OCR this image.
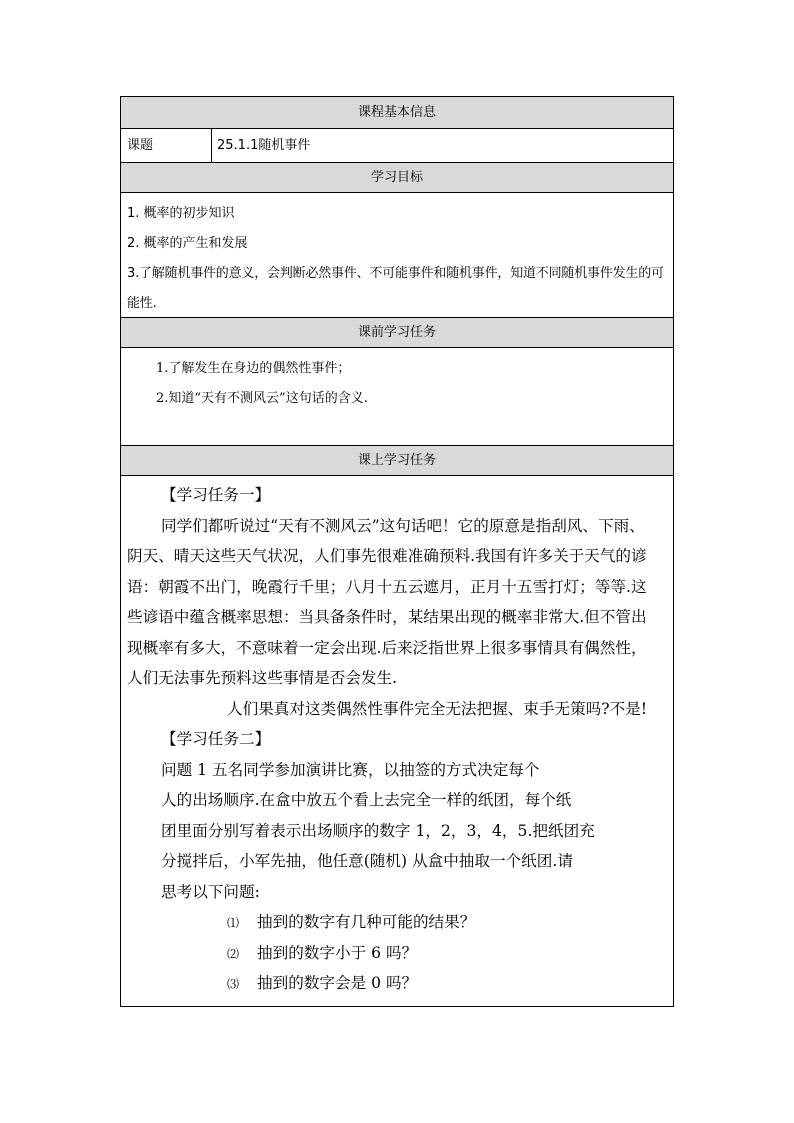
课程基本信息
课题	25.1.1随机事件
学习目标
1. 概率的初步知识
2. 概率的产生和发展
3.了解随机事件的意义，会判断必然事件、不可能事件和随机事件，知道不同随机事件发生的可能性.
课前学习任务
1.了解发生在身边的偶然性事件；
2.知道“天有不测风云”这句话的含义.
课上学习任务
【学习任务一】
同学们都听说过“天有不测风云”这句话吧！它的原意是指刮风、下雨、
阴天、晴天这些天气状况，人们事先很难准确预料.我国有许多关于天气的谚
语：朝霞不出门，晚霞行千里；八月十五云遮月，正月十五雪打灯；等等.这
些谚语中蕴含概率思想：当具备条件时，某结果出现的概率非常大.但不管出
现概率有多大，不意味着一定会出现.后来泛指世界上很多事情具有偶然性，
人们无法事先预料这些事情是否会发生.
人们果真对这类偶然性事件完全无法把握、束手无策吗?不是!
【学习任务二】
问题 1 五名同学参加演讲比赛，以抽签的方式决定每个
人的出场顺序.在盒中放五个看上去完全一样的纸团，每个纸
团里面分别写着表示出场顺序的数字 1，2，3，4，5.把纸团充
分搅拌后，小军先抽，他任意(随机) 从盒中抽取一个纸团.请
思考以下问题:
⑴ 抽到的数字有几种可能的结果？
⑵ 抽到的数字小于 6 吗？
⑶ 抽到的数字会是 0 吗？
